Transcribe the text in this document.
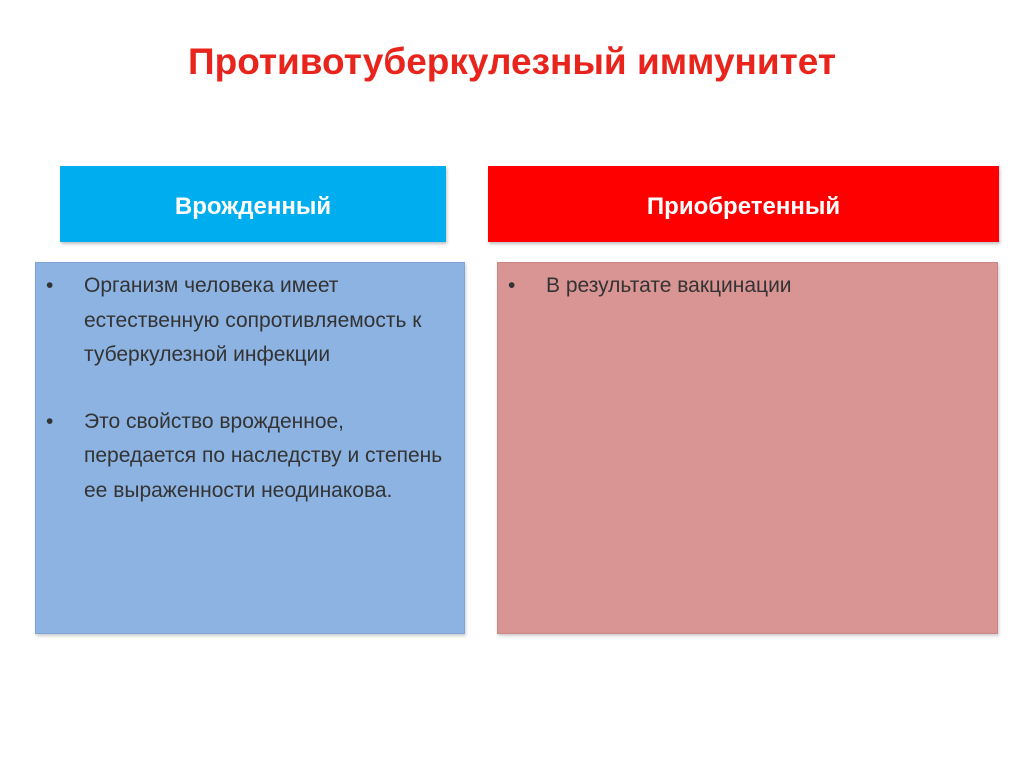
Противотуберкулезный иммунитет
Врожденный	Приобретенный
• Организм человека имеет естественную сопротивляемость к туберкулезной инфекции
• Это свойство врожденное, передается по наследству и степень ее выраженности неодинакова.
• В результате вакцинации
